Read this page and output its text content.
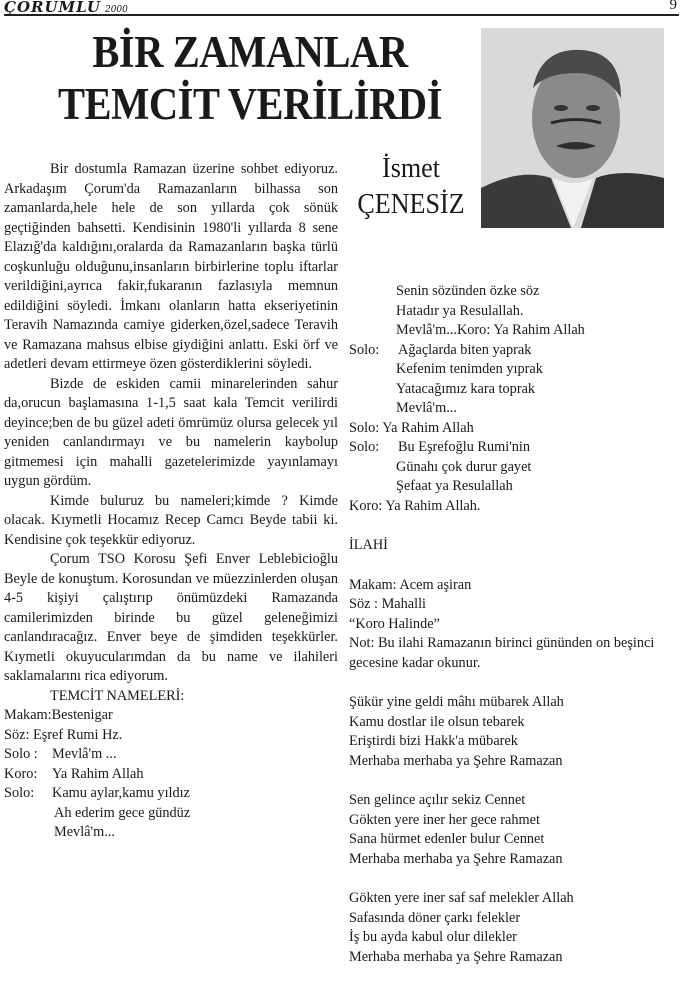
ÇORUMLU 2000	9
BİR ZAMANLAR
TEMCİT VERİLİRDİ
İsmet
ÇENESİZ

Bir dostumla Ramazan üzerine sohbet ediyoruz. Arkadaşım Çorum'da Ramazanların bilhassa son zamanlarda,hele hele de son yıllarda çok sönük geçtiğinden bahsetti. Kendisinin 1980'li yıllarda 8 sene Elazığ'da kaldığını,oralarda da Ramazanların başka türlü coşkunluğu olduğunu,insanların birbirlerine toplu iftarlar verildiğini,ayrıca fakir,fukaranın fazlasıyla memnun edildiğini söyledi. İmkanı olanların hatta ekseriyetinin Teravih Namazında camiye giderken,özel,sadece Teravih ve Ramazana mahsus elbise giydiğini anlattı. Eski örf ve adetleri devam ettirmeye özen gösterdiklerini söyledi.

Bizde de eskiden camii minarelerinden sahur da,orucun başlamasına 1-1,5 saat kala Temcit verilirdi deyince;ben de bu güzel adeti ömrümüz olursa gelecek yıl yeniden canlandırmayı ve bu namelerin kaybolup gitmemesi için mahalli gazetelerimizde yayınlamayı uygun gördüm.

Kimde buluruz bu nameleri;kimde ? Kimde olacak. Kıymetli Hocamız Recep Camcı Beyde tabii ki. Kendisine çok teşekkür ediyoruz.

Çorum TSO Korosu Şefi Enver Leblebicioğlu Beyle de konuştum. Korosundan ve müezzinlerden oluşan 4-5 kişiyi çalıştırıp önümüzdeki Ramazanda camilerimizden birinde bu güzel geleneğimizi canlandıracağız. Enver beye de şimdiden teşekkürler. Kıymetli okuyucularımdan da bu name ve ilahileri saklamalarını rica ediyorum.

TEMCİT NAMELERİ:

Makam:Bestenigar

Söz: Eşref Rumi Hz.

Solo : Mevlâ'm ...

Koro: Ya Rahim Allah

Solo: Kamu aylar,kamu yıldız

Ah ederim gece gündüz

Mevlâ'm...

Senin sözünden özke söz

Hatadır ya Resulallah.

Mevlâ'm...Koro: Ya Rahim Allah

Solo: Ağaçlarda biten yaprak

Kefenim tenimden yıprak

Yatacağımız kara toprak

Mevlâ'm...

Solo: Ya Rahim Allah

Solo: Bu Eşrefoğlu Rumi'nin

Günahı çok durur gayet

Şefaat ya Resulallah

Koro: Ya Rahim Allah.

İLAHİ

Makam: Acem aşiran

Söz : Mahalli

“Koro Halinde”

Not: Bu ilahi Ramazanın birinci gününden on beşinci gecesine kadar okunur.

Şükür yine geldi mâhı mübarek Allah

Kamu dostlar ile olsun tebarek

Eriştirdi bizi Hakk'a mübarek

Merhaba merhaba ya Şehre Ramazan

Sen gelince açılır sekiz Cennet

Gökten yere iner her gece rahmet

Sana hürmet edenler bulur Cennet

Merhaba merhaba ya Şehre Ramazan

Gökten yere iner saf saf melekler Allah

Safasında döner çarkı felekler

İş bu ayda kabul olur dilekler

Merhaba merhaba ya Şehre Ramazan
